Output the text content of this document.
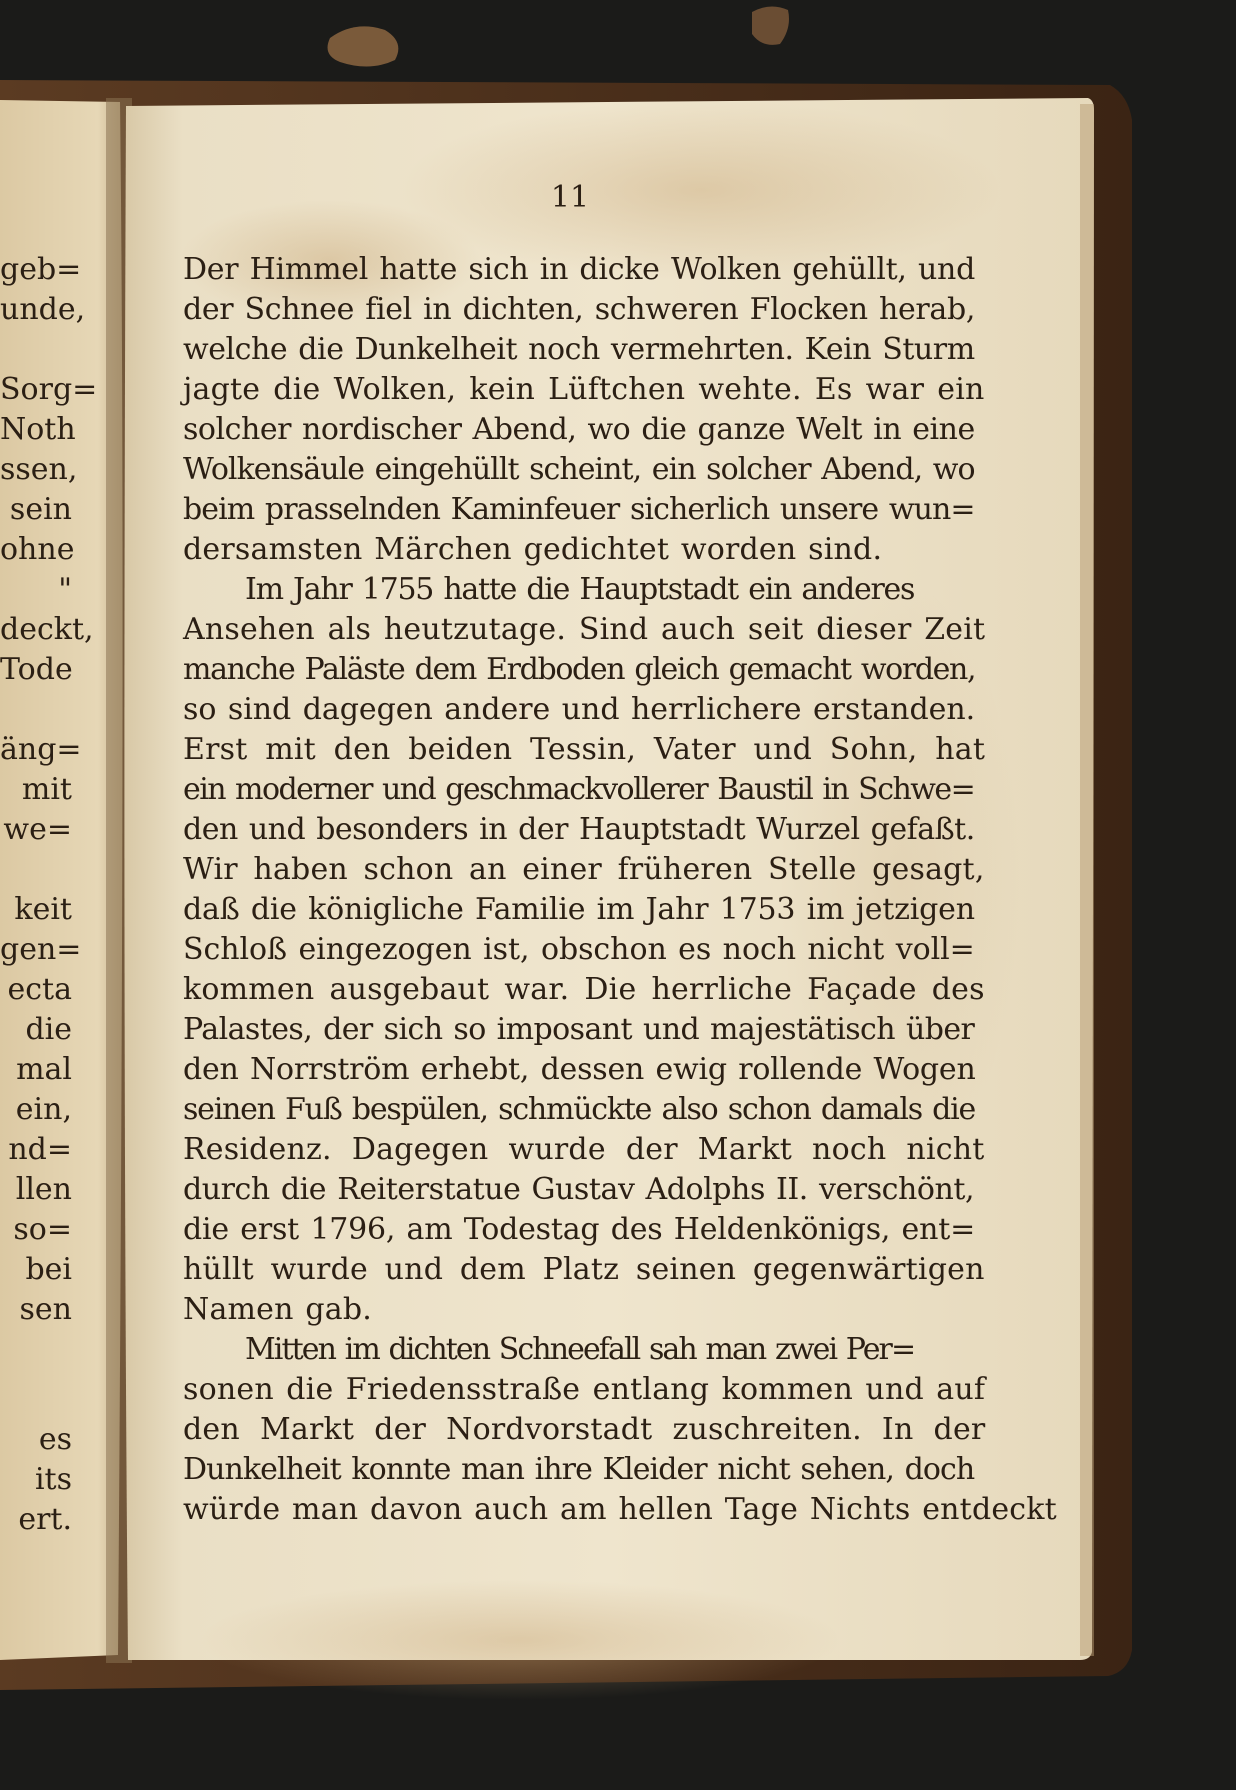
11
Der Himmel hatte sich in dicke Wolken gehüllt, und
der Schnee fiel in dichten, schweren Flocken herab,
welche die Dunkelheit noch vermehrten. Kein Sturm
jagte die Wolken, kein Lüftchen wehte. Es war ein
solcher nordischer Abend, wo die ganze Welt in eine
Wolkensäule eingehüllt scheint, ein solcher Abend, wo
beim prasselnden Kaminfeuer sicherlich unsere wun=
dersamsten Märchen gedichtet worden sind.
Im Jahr 1755 hatte die Hauptstadt ein anderes
Ansehen als heutzutage. Sind auch seit dieser Zeit
manche Paläste dem Erdboden gleich gemacht worden,
so sind dagegen andere und herrlichere erstanden.
Erst mit den beiden Tessin, Vater und Sohn, hat
ein moderner und geschmackvollerer Baustil in Schwe=
den und besonders in der Hauptstadt Wurzel gefaßt.
Wir haben schon an einer früheren Stelle gesagt,
daß die königliche Familie im Jahr 1753 im jetzigen
Schloß eingezogen ist, obschon es noch nicht voll=
kommen ausgebaut war. Die herrliche Façade des
Palastes, der sich so imposant und majestätisch über
den Norrström erhebt, dessen ewig rollende Wogen
seinen Fuß bespülen, schmückte also schon damals die
Residenz. Dagegen wurde der Markt noch nicht
durch die Reiterstatue Gustav Adolphs II. verschönt,
die erst 1796, am Todestag des Heldenkönigs, ent=
hüllt wurde und dem Platz seinen gegenwärtigen
Namen gab.
Mitten im dichten Schneefall sah man zwei Per=
sonen die Friedensstraße entlang kommen und auf
den Markt der Nordvorstadt zuschreiten. In der
Dunkelheit konnte man ihre Kleider nicht sehen, doch
würde man davon auch am hellen Tage Nichts entdeckt
geb=
unde,
Sorg=
Noth
ssen,
sein
ohne
"
deckt,
Tode
äng=
mit
we=
keit
gen=
ecta
die
mal
ein,
nd=
llen
so=
bei
sen
es
its
ert.
